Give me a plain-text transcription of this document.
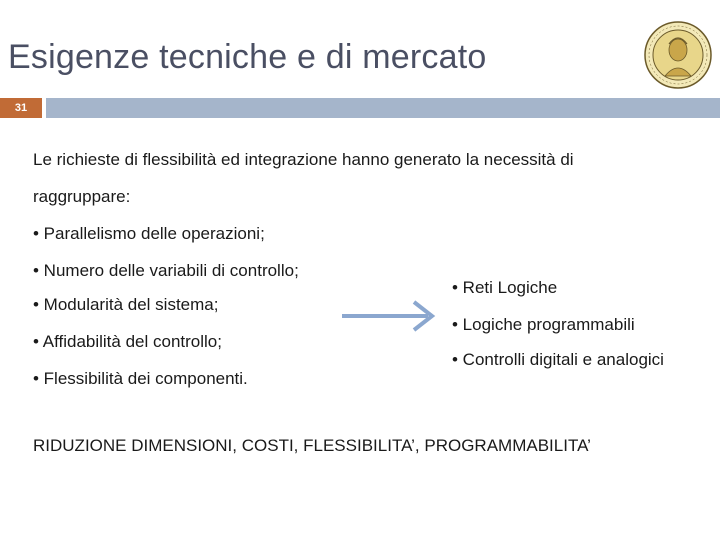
Esigenze tecniche e di mercato
31
Le richieste di flessibilità ed integrazione hanno generato la necessità di
raggruppare:
• Parallelismo delle operazioni;
• Numero delle variabili di controllo;
• Modularità del sistema;
• Affidabilità del controllo;
• Flessibilità dei componenti.
• Reti Logiche
• Logiche programmabili
• Controlli digitali e analogici
RIDUZIONE DIMENSIONI, COSTI, FLESSIBILITA’, PROGRAMMABILITA’
